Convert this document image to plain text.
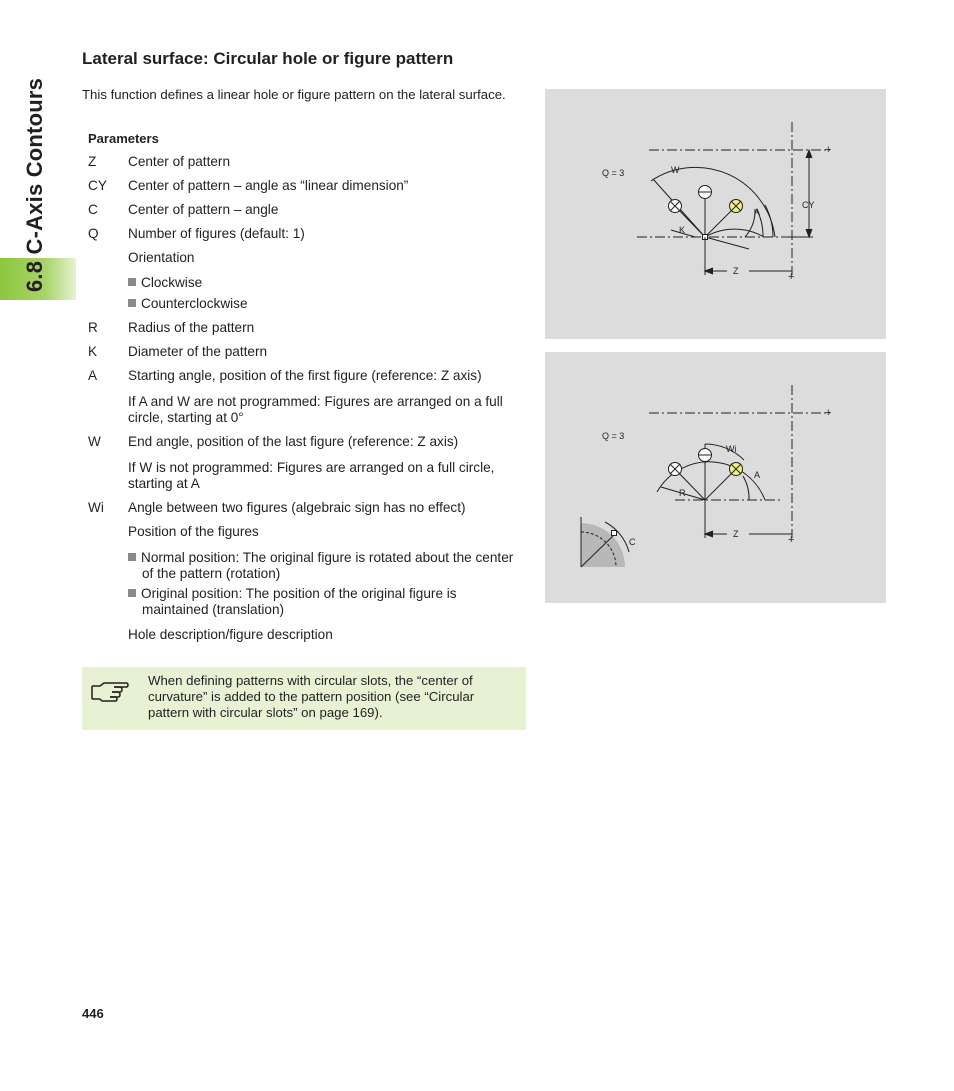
6.8 C-Axis Contours
Lateral surface: Circular hole or figure pattern

This function defines a linear hole or figure pattern on the lateral surface.

Parameters
Z Center of pattern
CY Center of pattern – angle as “linear dimension”
C Center of pattern – angle
Q Number of figures (default: 1)
Orientation
Clockwise
Counterclockwise
R Radius of the pattern
K Diameter of the pattern
A Starting angle, position of the first figure (reference: Z axis)
If A and W are not programmed: Figures are arranged on a full circle, starting at 0°
W End angle, position of the last figure (reference: Z axis)
If W is not programmed: Figures are arranged on a full circle, starting at A
Wi Angle between two figures (algebraic sign has no effect)
Position of the figures
Normal position: The original figure is rotated about the center of the pattern (rotation)
Original position: The position of the original figure is maintained (translation)
Hole description/figure description

When defining patterns with circular slots, the “center of curvature” is added to the pattern position (see “Circular pattern with circular slots” on page 169).

Q = 3	W
A
K
CY
Z
+
+
Q = 3
Wi
A
R
C
Z
+
+
446
